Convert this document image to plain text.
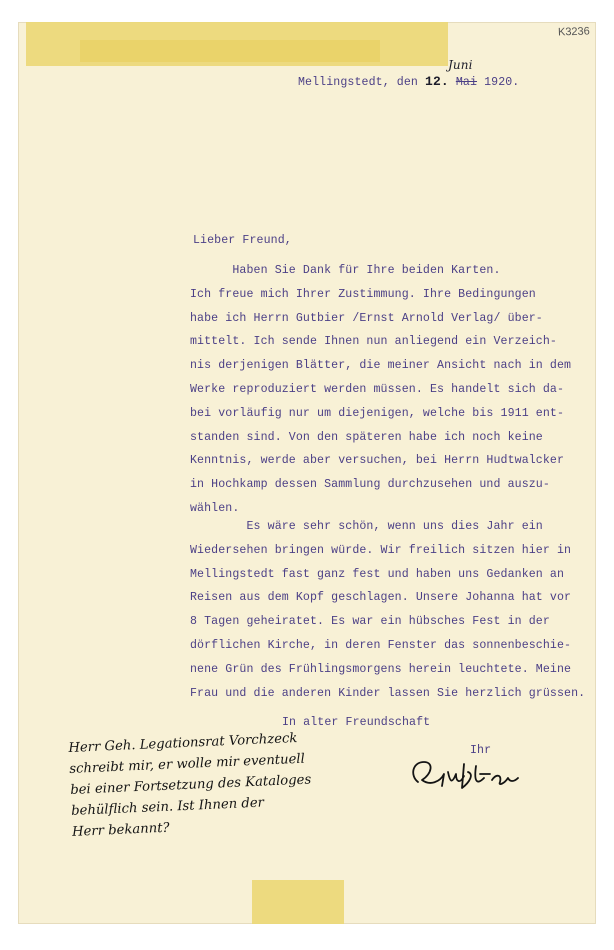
K3236
Mellingstedt, den 12. Mai 1920.
Juni
Lieber Freund,
Haben Sie Dank für Ihre beiden Karten.
Ich freue mich Ihrer Zustimmung. Ihre Bedingungen
habe ich Herrn Gutbier /Ernst Arnold Verlag/ über-
mittelt. Ich sende Ihnen nun anliegend ein Verzeich-
nis derjenigen Blätter, die meiner Ansicht nach in dem
Werke reproduziert werden müssen. Es handelt sich da-
bei vorläufig nur um diejenigen, welche bis 1911 ent-
standen sind. Von den späteren habe ich noch keine
Kenntnis, werde aber versuchen, bei Herrn Hudtwalcker
in Hochkamp dessen Sammlung durchzusehen und auszu-
wählen.
Es wäre sehr schön, wenn uns dies Jahr ein
Wiedersehen bringen würde. Wir freilich sitzen hier in
Mellingstedt fast ganz fest und haben uns Gedanken an
Reisen aus dem Kopf geschlagen. Unsere Johanna hat vor
8 Tagen geheiratet. Es war ein hübsches Fest in der
dörflichen Kirche, in deren Fenster das sonnenbeschie-
nene Grün des Frühlingsmorgens herein leuchtete. Meine
Frau und die anderen Kinder lassen Sie herzlich grüssen.
In alter Freundschaft
Ihr
Herr Geh. Legationsrat Vorchzeck
schreibt mir, er wolle mir eventuell
bei einer Fortsetzung des Kataloges
behülflich sein. Ist Ihnen der
Herr bekannt?
